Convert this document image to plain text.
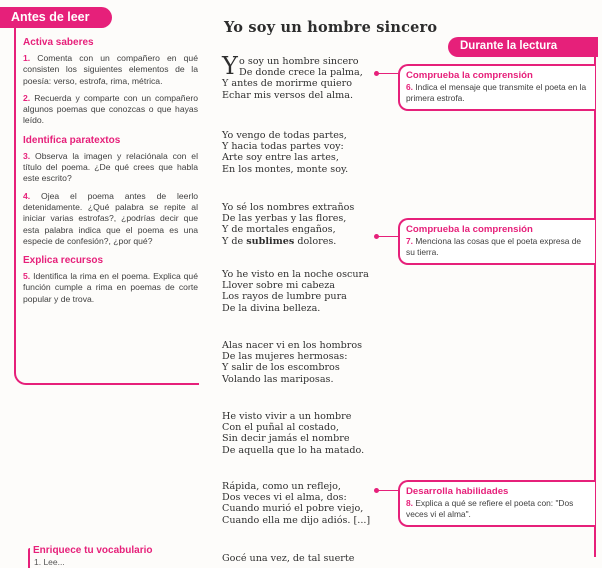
Antes de leer
Activa saberes
1. Comenta con un compañero en qué consisten los siguientes elementos de la poesía: verso, estrofa, rima, métrica.
2. Recuerda y comparte con un compañero algunos poemas que conozcas o que hayas leído.
Identifica paratextos
3. Observa la imagen y relaciónala con el título del poema. ¿De qué crees que habla este escrito?
4. Ojea el poema antes de leerlo detenidamente. ¿Qué palabra se repite al iniciar varias estrofas?, ¿podrías decir que esta palabra indica que el poema es una especie de confesión?, ¿por qué?
Explica recursos
5. Identifica la rima en el poema. Explica qué función cumple a rima en poemas de corte popular y de trova.
Enriquece tu vocabulario
1. Lee...
Yo soy un hombre sincero
Y o soy un hombre sincero
De donde crece la palma,
Y antes de morirme quiero
Echar mis versos del alma.
Yo vengo de todas partes,
Y hacia todas partes voy:
Arte soy entre las artes,
En los montes, monte soy.
Yo sé los nombres extraños
De las yerbas y las flores,
Y de mortales engaños,
Y de sublimes dolores.
Yo he visto en la noche oscura
Llover sobre mi cabeza
Los rayos de lumbre pura
De la divina belleza.
Alas nacer vi en los hombros
De las mujeres hermosas:
Y salir de los escombros
Volando las mariposas.
He visto vivir a un hombre
Con el puñal al costado,
Sin decir jamás el nombre
De aquella que lo ha matado.
Rápida, como un reflejo,
Dos veces vi el alma, dos:
Cuando murió el pobre viejo,
Cuando ella me dijo adiós. [...]
Gocé una vez, de tal suerte
Durante la lectura
Comprueba la comprensión
6. Indica el mensaje que transmite el poeta en la primera estrofa.
Comprueba la comprensión
7. Menciona las cosas que el poeta expresa de su tierra.
Desarrolla habilidades
8. Explica a qué se refiere el poeta con: "Dos veces vi el alma".
